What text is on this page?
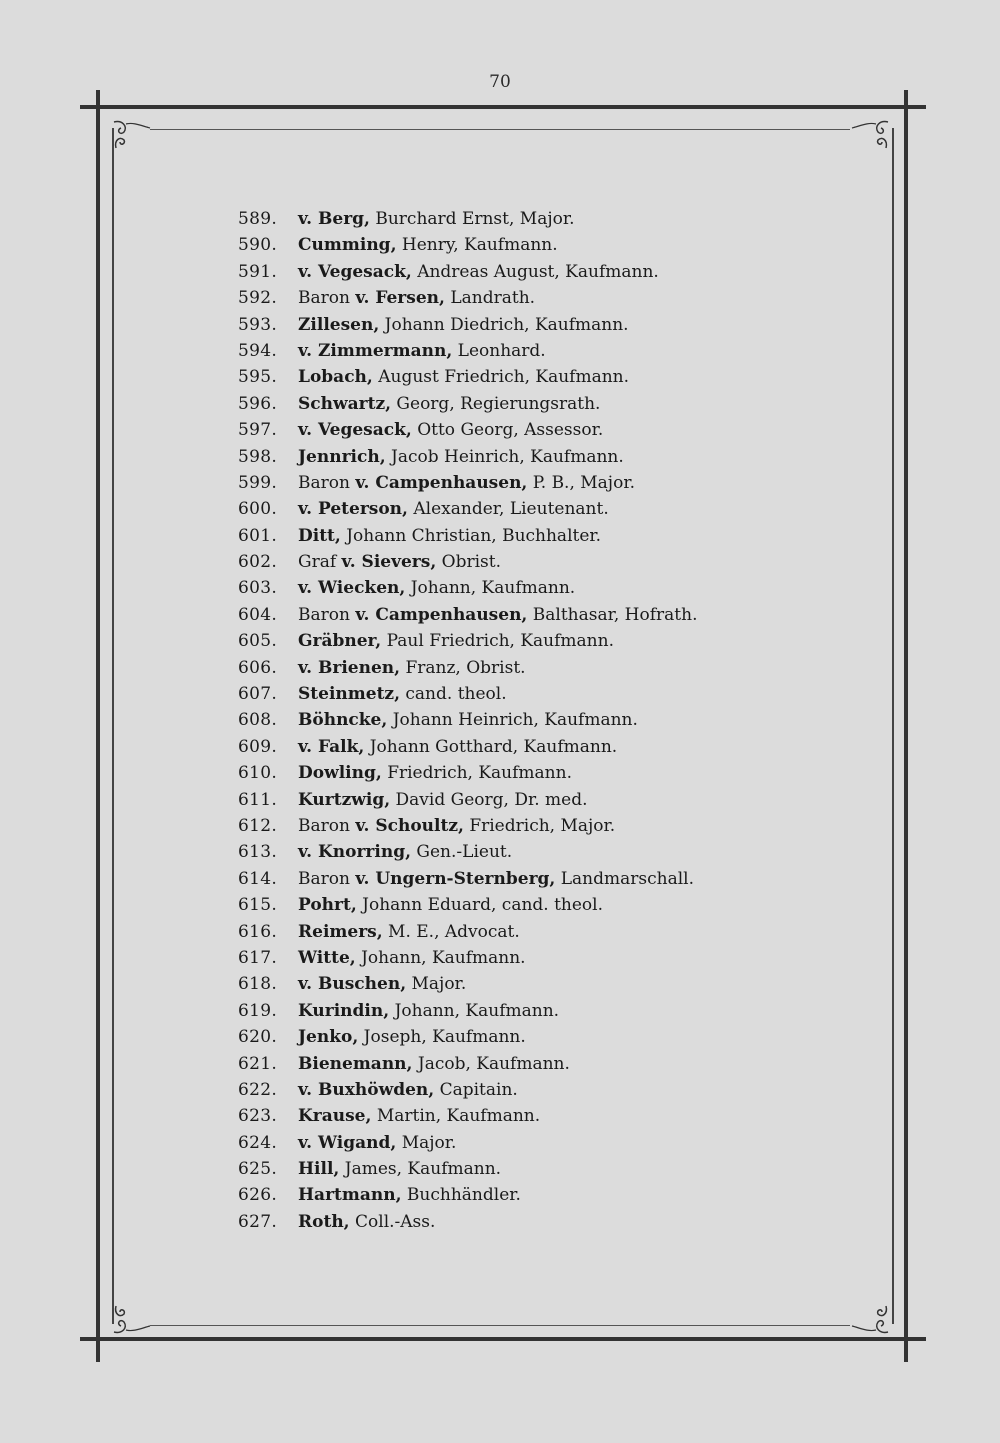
70
589. v. Berg, Burchard Ernst, Major.
590. Cumming, Henry, Kaufmann.
591. v. Vegesack, Andreas August, Kaufmann.
592. Baron v. Fersen, Landrath.
593. Zillesen, Johann Diedrich, Kaufmann.
594. v. Zimmermann, Leonhard.
595. Lobach, August Friedrich, Kaufmann.
596. Schwartz, Georg, Regierungsrath.
597. v. Vegesack, Otto Georg, Assessor.
598. Jennrich, Jacob Heinrich, Kaufmann.
599. Baron v. Campenhausen, P. B., Major.
600. v. Peterson, Alexander, Lieutenant.
601. Ditt, Johann Christian, Buchhalter.
602. Graf v. Sievers, Obrist.
603. v. Wiecken, Johann, Kaufmann.
604. Baron v. Campenhausen, Balthasar, Hofrath.
605. Gräbner, Paul Friedrich, Kaufmann.
606. v. Brienen, Franz, Obrist.
607. Steinmetz, cand. theol.
608. Böhncke, Johann Heinrich, Kaufmann.
609. v. Falk, Johann Gotthard, Kaufmann.
610. Dowling, Friedrich, Kaufmann.
611. Kurtzwig, David Georg, Dr. med.
612. Baron v. Schoultz, Friedrich, Major.
613. v. Knorring, Gen.-Lieut.
614. Baron v. Ungern-Sternberg, Landmarschall.
615. Pohrt, Johann Eduard, cand. theol.
616. Reimers, M. E., Advocat.
617. Witte, Johann, Kaufmann.
618. v. Buschen, Major.
619. Kurindin, Johann, Kaufmann.
620. Jenko, Joseph, Kaufmann.
621. Bienemann, Jacob, Kaufmann.
622. v. Buxhöwden, Capitain.
623. Krause, Martin, Kaufmann.
624. v. Wigand, Major.
625. Hill, James, Kaufmann.
626. Hartmann, Buchhändler.
627. Roth, Coll.-Ass.
